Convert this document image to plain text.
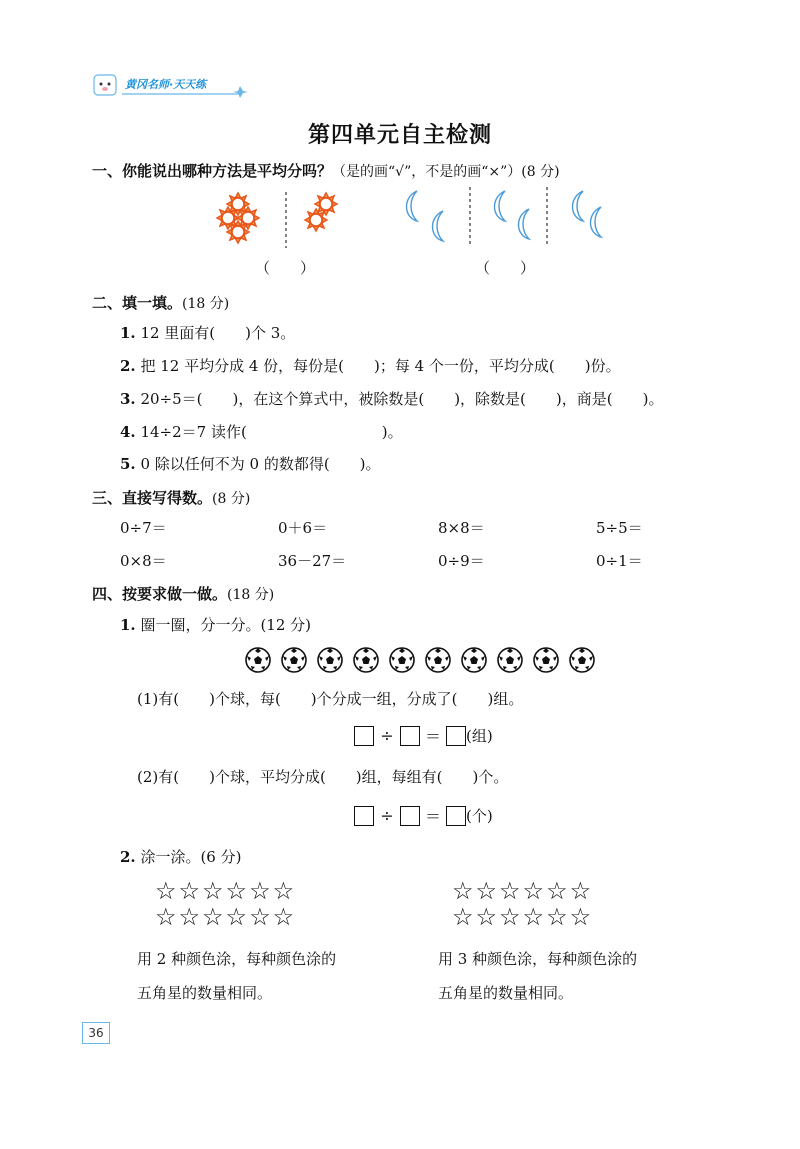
黄冈名师·天天练
第四单元自主检测
一、你能说出哪种方法是平均分吗？（是的画“√”，不是的画“×”）(8 分)
（　　）	（　　）
二、填一填。(18 分)
1. 12 里面有(　　)个 3。
2. 把 12 平均分成 4 份，每份是(　　)；每 4 个一份，平均分成(　　)份。
3. 20÷5＝(　　)，在这个算式中，被除数是(　　)，除数是(　　)，商是(　　)。
4. 14÷2＝7 读作(　　　　　　　　　)。
5. 0 除以任何不为 0 的数都得(　　)。
三、直接写得数。(8 分)
0÷7＝	0＋6＝	8×8＝	5÷5＝
0×8＝	36－27＝	0÷9＝	0÷1＝
四、按要求做一做。(18 分)
1. 圈一圈，分一分。(12 分)
(1)有(　　)个球，每(　　)个分成一组，分成了(　　)组。
÷ ＝ (组)
(2)有(　　)个球，平均分成(　　)组，每组有(　　)个。
÷ ＝ (个)
2. 涂一涂。(6 分)
☆☆☆☆☆☆
☆☆☆☆☆☆
☆☆☆☆☆☆
☆☆☆☆☆☆
用 2 种颜色涂，每种颜色涂的
五角星的数量相同。
用 3 种颜色涂，每种颜色涂的
五角星的数量相同。
36
